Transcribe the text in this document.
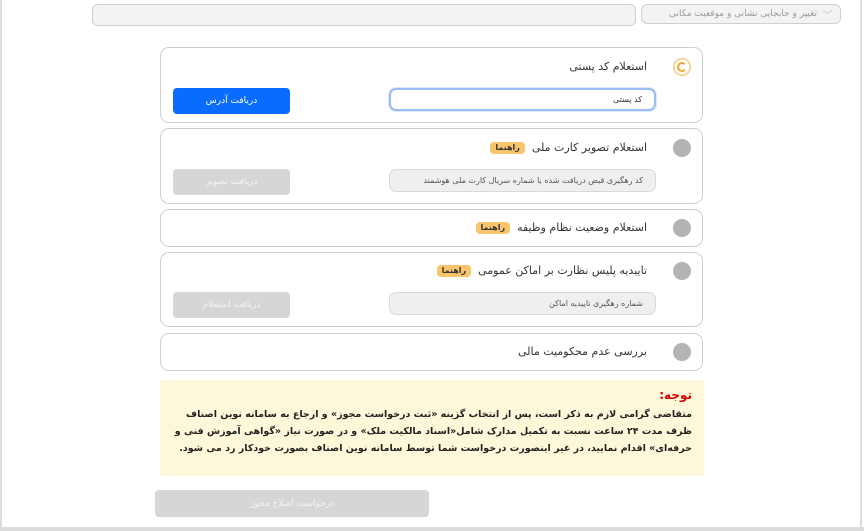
﹀
تغییر و جابجایی نشانی و موقعیت مکانی
استعلام کد پستی
کد پستی
دریافت آدرس
استعلام تصویر کارت ملی
راهنما
کد رهگیری قبض دریافت شده یا شماره سریال کارت ملی هوشمند
دریافت تصویر
استعلام وضعیت نظام وظیفه
راهنما
تاییدیه پلیس نظارت بر اماکن عمومی
راهنما
شماره رهگیری تاییدیه اماکن
دریافت استعلام
بررسی عدم محکومیت مالی
توجه:
متقاضی گرامی لازم به ذکر است، پس از انتخاب گزینه «ثبت درخواست مجوز» و ارجاع به سامانه نوین اصناف ظرف مدت ۲۴ ساعت نسبت به تکمیل مدارک شامل«اسناد مالکیت ملک» و در صورت نیاز «گواهی آموزش فنی و حرفه‌ای» اقدام نمایید، در غیر اینصورت درخواست شما توسط سامانه نوین اصناف بصورت خودکار رد می شود.
درخواست اصلاح مجوز
